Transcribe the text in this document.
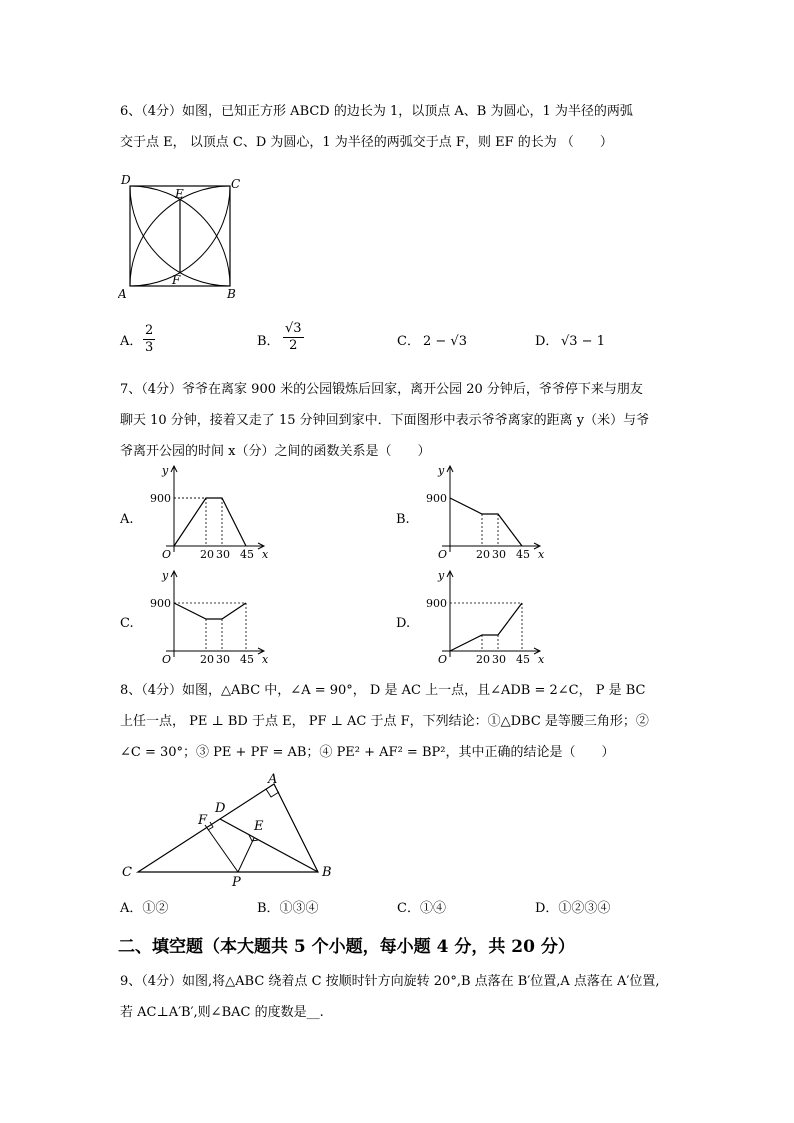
6、（4分）如图，已知正方形 ABCD 的边长为 1，以顶点 A、B 为圆心，1 为半径的两弧
交于点 E， 以顶点 C、D 为圆心，1 为半径的两弧交于点 F，则 EF 的长为 （　　）
D	C
E
F
A	B
A． $\frac{2}{3}$	B． $\frac{√3}{2}$	C． 2 − √3	D． √3 − 1
7、（4分）爷爷在离家 900 米的公园锻炼后回家，离开公园 20 分钟后，爷爷停下来与朋友
聊天 10 分钟，接着又走了 15 分钟回到家中．下面图形中表示爷爷离家的距离 y（米）与爷
爷离开公园的时间 x（分）之间的函数关系是（　　）
A.	B.
C.	D.
y
x
O
900
20 30 45
y
x
O
900
20 30 45
y
x
O
900
20 30 45
y
x
O
900
20 30 45
8、（4分）如图，△ABC 中，∠A = 90°， D 是 AC 上一点，且∠ADB = 2∠C， P 是 BC
上任一点， PE ⊥ BD 于点 E， PF ⊥ AC 于点 F，下列结论：①△DBC 是等腰三角形；②
∠C = 30°；③ PE + PF = AB；④ PE² + AF² = BP²，其中正确的结论是（　　）
A
D
F	E
C
P
B
A．①②	B．①③④	C．①④	D．①②③④
二、填空题（本大题共 5 个小题，每小题 4 分，共 20 分）
9、（4分）如图,将△ABC 绕着点 C 按顺时针方向旋转 20°,B 点落在 B′位置,A 点落在 A′位置,
若 AC⊥A′B′,则∠BAC 的度数是__.
